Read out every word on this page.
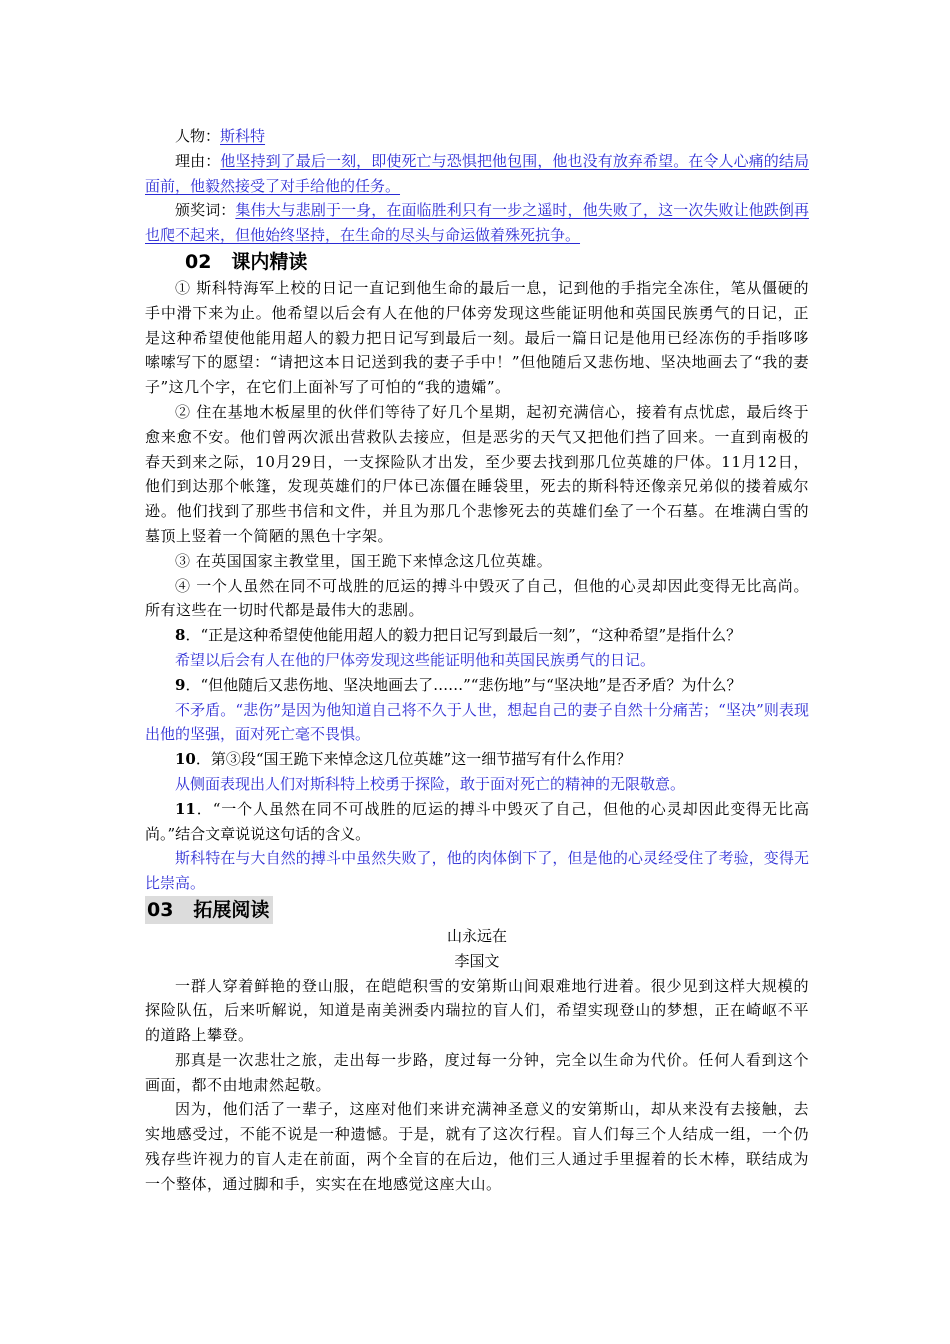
人物：斯科特

理由：他坚持到了最后一刻，即使死亡与恐惧把他包围，他也没有放弃希望。在令人心痛的结局面前，他毅然接受了对手给他的任务。

颁奖词：集伟大与悲剧于一身，在面临胜利只有一步之遥时，他失败了，这一次失败让他跌倒再也爬不起来，但他始终坚持，在生命的尽头与命运做着殊死抗争。

02 课内精读

① 斯科特海军上校的日记一直记到他生命的最后一息，记到他的手指完全冻住，笔从僵硬的手中滑下来为止。他希望以后会有人在他的尸体旁发现这些能证明他和英国民族勇气的日记，正是这种希望使他能用超人的毅力把日记写到最后一刻。最后一篇日记是他用已经冻伤的手指哆哆嗦嗦写下的愿望：“请把这本日记送到我的妻子手中！”但他随后又悲伤地、坚决地画去了“我的妻子”这几个字，在它们上面补写了可怕的“我的遗孀”。

② 住在基地木板屋里的伙伴们等待了好几个星期，起初充满信心，接着有点忧虑，最后终于愈来愈不安。他们曾两次派出营救队去接应，但是恶劣的天气又把他们挡了回来。一直到南极的春天到来之际，10月29日，一支探险队才出发，至少要去找到那几位英雄的尸体。11月12日，他们到达那个帐篷，发现英雄们的尸体已冻僵在睡袋里，死去的斯科特还像亲兄弟似的搂着威尔逊。他们找到了那些书信和文件，并且为那几个悲惨死去的英雄们垒了一个石墓。在堆满白雪的墓顶上竖着一个简陋的黑色十字架。

③ 在英国国家主教堂里，国王跪下来悼念这几位英雄。

④ 一个人虽然在同不可战胜的厄运的搏斗中毁灭了自己，但他的心灵却因此变得无比高尚。所有这些在一切时代都是最伟大的悲剧。

8．“正是这种希望使他能用超人的毅力把日记写到最后一刻”，“这种希望”是指什么？

希望以后会有人在他的尸体旁发现这些能证明他和英国民族勇气的日记。

9．“但他随后又悲伤地、坚决地画去了……”“悲伤地”与“坚决地”是否矛盾？为什么？

不矛盾。“悲伤”是因为他知道自己将不久于人世，想起自己的妻子自然十分痛苦；“坚决”则表现出他的坚强，面对死亡毫不畏惧。

10．第③段“国王跪下来悼念这几位英雄”这一细节描写有什么作用？

从侧面表现出人们对斯科特上校勇于探险，敢于面对死亡的精神的无限敬意。

11．“一个人虽然在同不可战胜的厄运的搏斗中毁灭了自己，但他的心灵却因此变得无比高尚。”结合文章说说这句话的含义。

斯科特在与大自然的搏斗中虽然失败了，他的肉体倒下了，但是他的心灵经受住了考验，变得无比崇高。

03 拓展阅读

山永远在

李国文

一群人穿着鲜艳的登山服，在皑皑积雪的安第斯山间艰难地行进着。很少见到这样大规模的探险队伍，后来听解说，知道是南美洲委内瑞拉的盲人们，希望实现登山的梦想，正在崎岖不平的道路上攀登。

那真是一次悲壮之旅，走出每一步路，度过每一分钟，完全以生命为代价。任何人看到这个画面，都不由地肃然起敬。

因为，他们活了一辈子，这座对他们来讲充满神圣意义的安第斯山，却从来没有去接触，去实地感受过，不能不说是一种遗憾。于是，就有了这次行程。盲人们每三个人结成一组，一个仍残存些许视力的盲人走在前面，两个全盲的在后边，他们三人通过手里握着的长木棒，联结成为一个整体，通过脚和手，实实在在地感觉这座大山。
